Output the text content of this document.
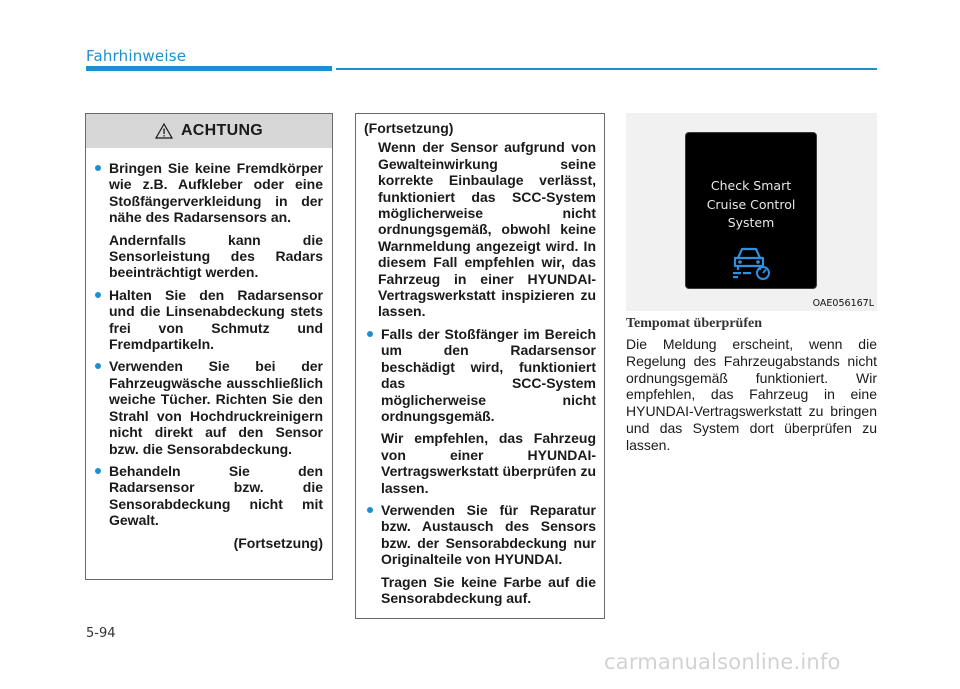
Fahrhinweise
ACHTUNG

Bringen Sie keine Fremdkörper wie z.B. Aufkleber oder eine Stoßfängerverkleidung in der nähe des Radarsensors an.

Andernfalls kann die Sensorleistung des Radars beeinträchtigt werden.

Halten Sie den Radarsensor und die Linsenabdeckung stets frei von Schmutz und Fremdpartikeln.

Verwenden Sie bei der Fahrzeugwäsche ausschließlich weiche Tücher. Richten Sie den Strahl von Hochdruckreinigern nicht direkt auf den Sensor bzw. die Sensorabdeckung.

Behandeln Sie den Radarsensor bzw. die Sensorabdeckung nicht mit Gewalt.

(Fortsetzung)
(Fortsetzung)
Wenn der Sensor aufgrund von Gewalteinwirkung seine korrekte Einbaulage verlässt, funktioniert das SCC-System möglicherweise nicht ordnungsgemäß, obwohl keine Warnmeldung angezeigt wird. In diesem Fall empfehlen wir, das Fahrzeug in einer HYUNDAI-Vertragswerkstatt inspizieren zu lassen.

Falls der Stoßfänger im Bereich um den Radarsensor beschädigt wird, funktioniert das SCC-System möglicherweise nicht ordnungsgemäß.

Wir empfehlen, das Fahrzeug von einer HYUNDAI-Vertragswerkstatt überprüfen zu lassen.

Verwenden Sie für Reparatur bzw. Austausch des Sensors bzw. der Sensorabdeckung nur Originalteile von HYUNDAI.

Tragen Sie keine Farbe auf die Sensorabdeckung auf.

Check Smart
Cruise Control
System
OAE056167L
Tempomat überprüfen
Die Meldung erscheint, wenn die Regelung des Fahrzeugabstands nicht ordnungsgemäß funktioniert. Wir empfehlen, das Fahrzeug in eine HYUNDAI-Vertragswerkstatt zu bringen und das System dort überprüfen zu lassen.
5-94
carmanualsonline.info
